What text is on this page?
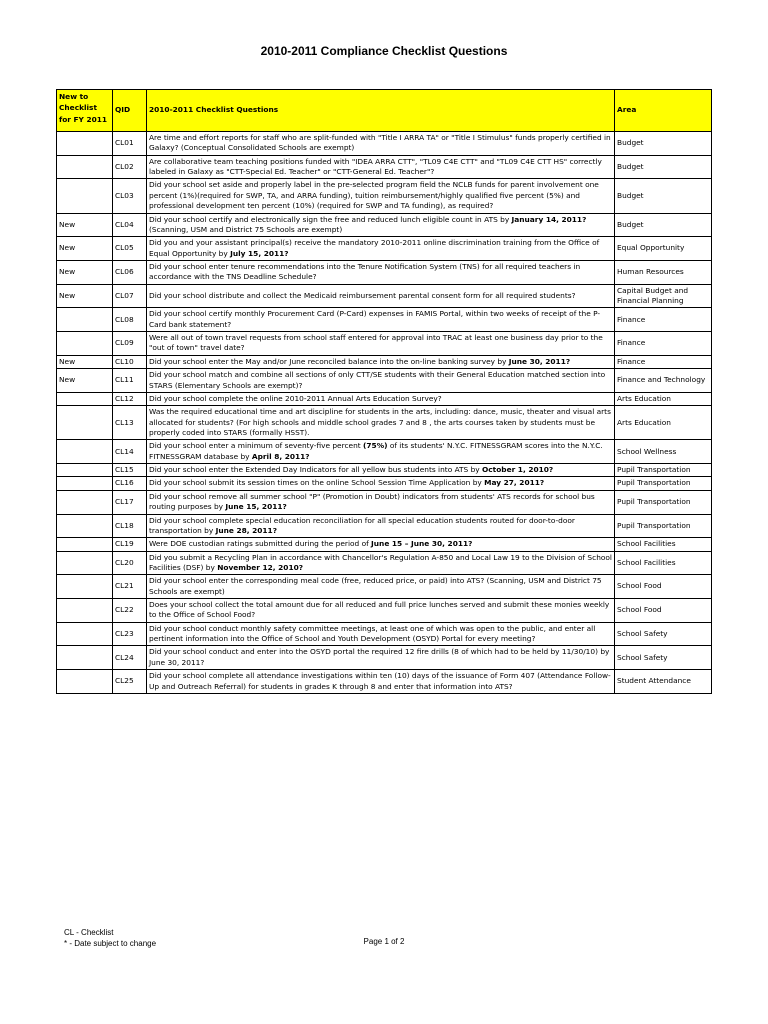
2010-2011 Compliance Checklist Questions
New to Checklist for FY 2011	QID	2010-2011 Checklist Questions	Area
	CL01	Are time and effort reports for staff who are split-funded with "Title I ARRA TA" or "Title I Stimulus" funds properly certified in Galaxy? (Conceptual Consolidated Schools are exempt)	Budget
	CL02	Are collaborative team teaching positions funded with "IDEA ARRA CTT", "TL09 C4E CTT" and "TL09 C4E CTT HS" correctly labeled in Galaxy as "CTT-Special Ed. Teacher" or "CTT-General Ed. Teacher"?	Budget
	CL03	Did your school set aside and properly label in the pre-selected program field the NCLB funds for parent involvement one percent (1%)(required for SWP, TA, and ARRA funding), tuition reimbursement/highly qualified five percent (5%) and professional development ten percent (10%) (required for SWP and TA funding), as required?	Budget
New	CL04	Did your school certify and electronically sign the free and reduced lunch eligible count in ATS by January 14, 2011? (Scanning, USM and District 75 Schools are exempt)	Budget
New	CL05	Did you and your assistant principal(s) receive the mandatory 2010-2011 online discrimination training from the Office of Equal Opportunity by July 15, 2011?	Equal Opportunity
New	CL06	Did your school enter tenure recommendations into the Tenure Notification System (TNS) for all required teachers in accordance with the TNS Deadline Schedule?	Human Resources
New	CL07	Did your school distribute and collect the Medicaid reimbursement parental consent form for all required students?	Capital Budget and Financial Planning
	CL08	Did your school certify monthly Procurement Card (P-Card) expenses in FAMIS Portal, within two weeks of receipt of the P-Card bank statement?	Finance
	CL09	Were all out of town travel requests from school staff entered for approval into TRAC at least one business day prior to the "out of town" travel date?	Finance
New	CL10	Did your school enter the May and/or June reconciled balance into the on-line banking survey by June 30, 2011?	Finance
New	CL11	Did your school match and combine all sections of only CTT/SE students with their General Education matched section into STARS (Elementary Schools are exempt)?	Finance and Technology
	CL12	Did your school complete the online 2010-2011 Annual Arts Education Survey?	Arts Education
	CL13	Was the required educational time and art discipline for students in the arts, including: dance, music, theater and visual arts allocated for students? (For high schools and middle school grades 7 and 8 , the arts courses taken by students must be properly coded into STARS (formally HSST).	Arts Education
	CL14	Did your school enter a minimum of seventy-five percent (75%) of its students' N.Y.C. FITNESSGRAM scores into the N.Y.C. FITNESSGRAM database by April 8, 2011?	School Wellness
	CL15	Did your school enter the Extended Day Indicators for all yellow bus students into ATS by October 1, 2010?	Pupil Transportation
	CL16	Did your school submit its session times on the online School Session Time Application by May 27, 2011?	Pupil Transportation
	CL17	Did your school remove all summer school "P" (Promotion in Doubt) indicators from students' ATS records for school bus routing purposes by June 15, 2011?	Pupil Transportation
	CL18	Did your school complete special education reconciliation for all special education students routed for door-to-door transportation by June 28, 2011?	Pupil Transportation
	CL19	Were DOE custodian ratings submitted during the period of June 15 – June 30, 2011?	School Facilities
	CL20	Did you submit a Recycling Plan in accordance with Chancellor's Regulation A-850 and Local Law 19 to the Division of School Facilities (DSF) by November 12, 2010?	School Facilities
	CL21	Did your school enter the corresponding meal code (free, reduced price, or paid) into ATS? (Scanning, USM and District 75 Schools are exempt)	School Food
	CL22	Does your school collect the total amount due for all reduced and full price lunches served and submit these monies weekly to the Office of School Food?	School Food
	CL23	Did your school conduct monthly safety committee meetings, at least one of which was open to the public, and enter all pertinent information into the Office of School and Youth Development (OSYD) Portal for every meeting?	School Safety
	CL24	Did your school conduct and enter into the OSYD portal the required 12 fire drills (8 of which had to be held by 11/30/10) by June 30, 2011?	School Safety
	CL25	Did your school complete all attendance investigations within ten (10) days of the issuance of Form 407 (Attendance Follow-Up and Outreach Referral) for students in grades K through 8 and enter that information into ATS?	Student Attendance
CL - Checklist
* - Date subject to change	Page 1 of 2
